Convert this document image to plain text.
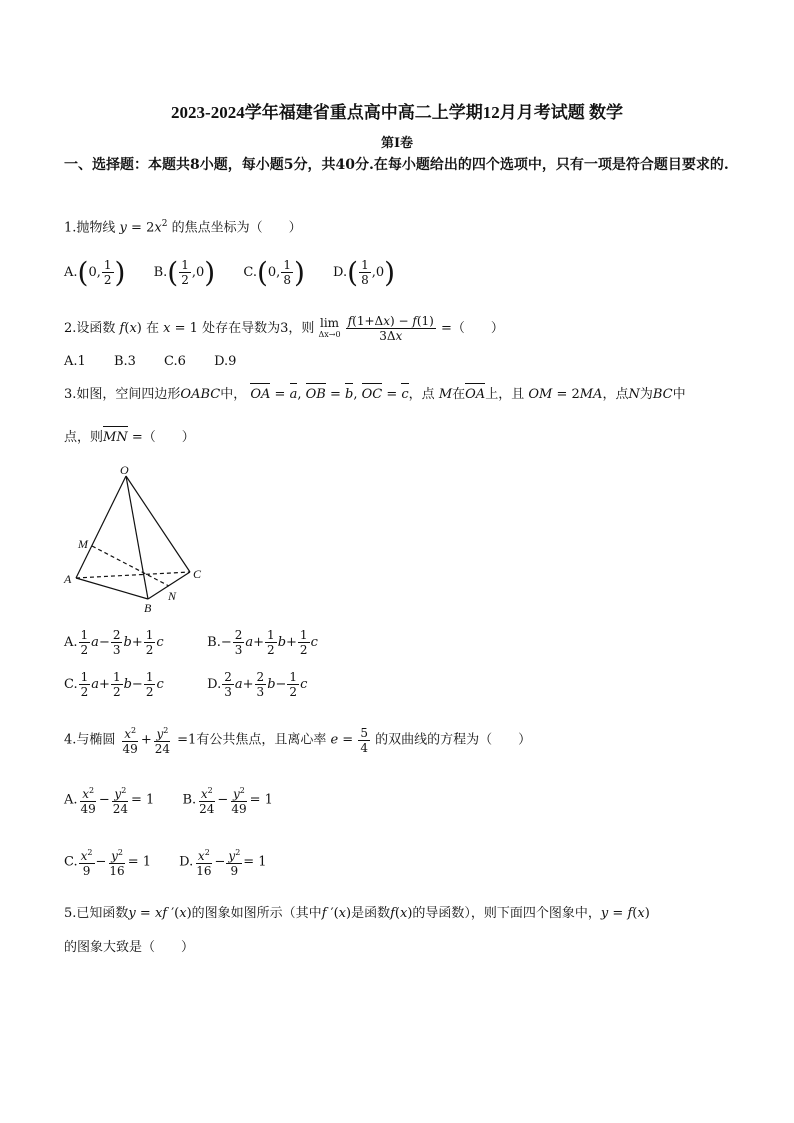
2023-2024学年福建省重点高中高二上学期12月月考试题 数学
第I卷
一、选择题：本题共8小题，每小题5分，共40分.在每小题给出的四个选项中，只有一项是符合题目要求的.
1.抛物线 $y = 2x^2$ 的焦点坐标为（　　）
A.(0, $\frac{1}{2}$ ) $B.( \frac{1}{2} ,0)$ C.(0, $\frac{1}{8}$ ) $D.( \frac{1}{8} ,0)$
2.设函数 f(x) 在 x = 1 处存在导数为3，则 lim
Δx→0
$\frac{f(1+\Delta x) - f(1)}{3\Delta x}$ =（　　）
A.1 B.3 C.6 D.9
3.如图，空间四边形OABC中， OA = a, OB = b, OC = c，点 M在OA上，且 OM = 2MA，点N为BC中
点，则MN =（　　）
O
M
A
B
N
C
A. $\frac{1}{2} a- \frac{2}{3} b+ \frac{1}{2}$ c	$B.- \frac{2}{3} a+ \frac{1}{2} b+ \frac{1}{2}$ c
C. $\frac{1}{2} a+ \frac{1}{2} b- \frac{1}{2}$ c	D. $\frac{2}{3} a+ \frac{2}{3} b- \frac{1}{2}$ c
4.与椭圆 $\frac{x^2}{49} + \frac{y^2}{24} =1$有公共焦点，且离心率 $e = \frac{5}{4}$ 的双曲线的方程为（　　）
A. $\frac{x^2}{49} - \frac{y^2}{24} = 1$ B. $\frac{x^2}{24} - \frac{y^2}{49} = 1$
C. $\frac{x^2}{9} - \frac{y^2}{16} = 1$ D. $\frac{x^2}{16} - \frac{y^2}{9} = 1$
5.已知函数y = xf ′(x)的图象如图所示（其中f ′(x)是函数f(x)的导函数），则下面四个图象中，y = f(x)
的图象大致是（　　）
